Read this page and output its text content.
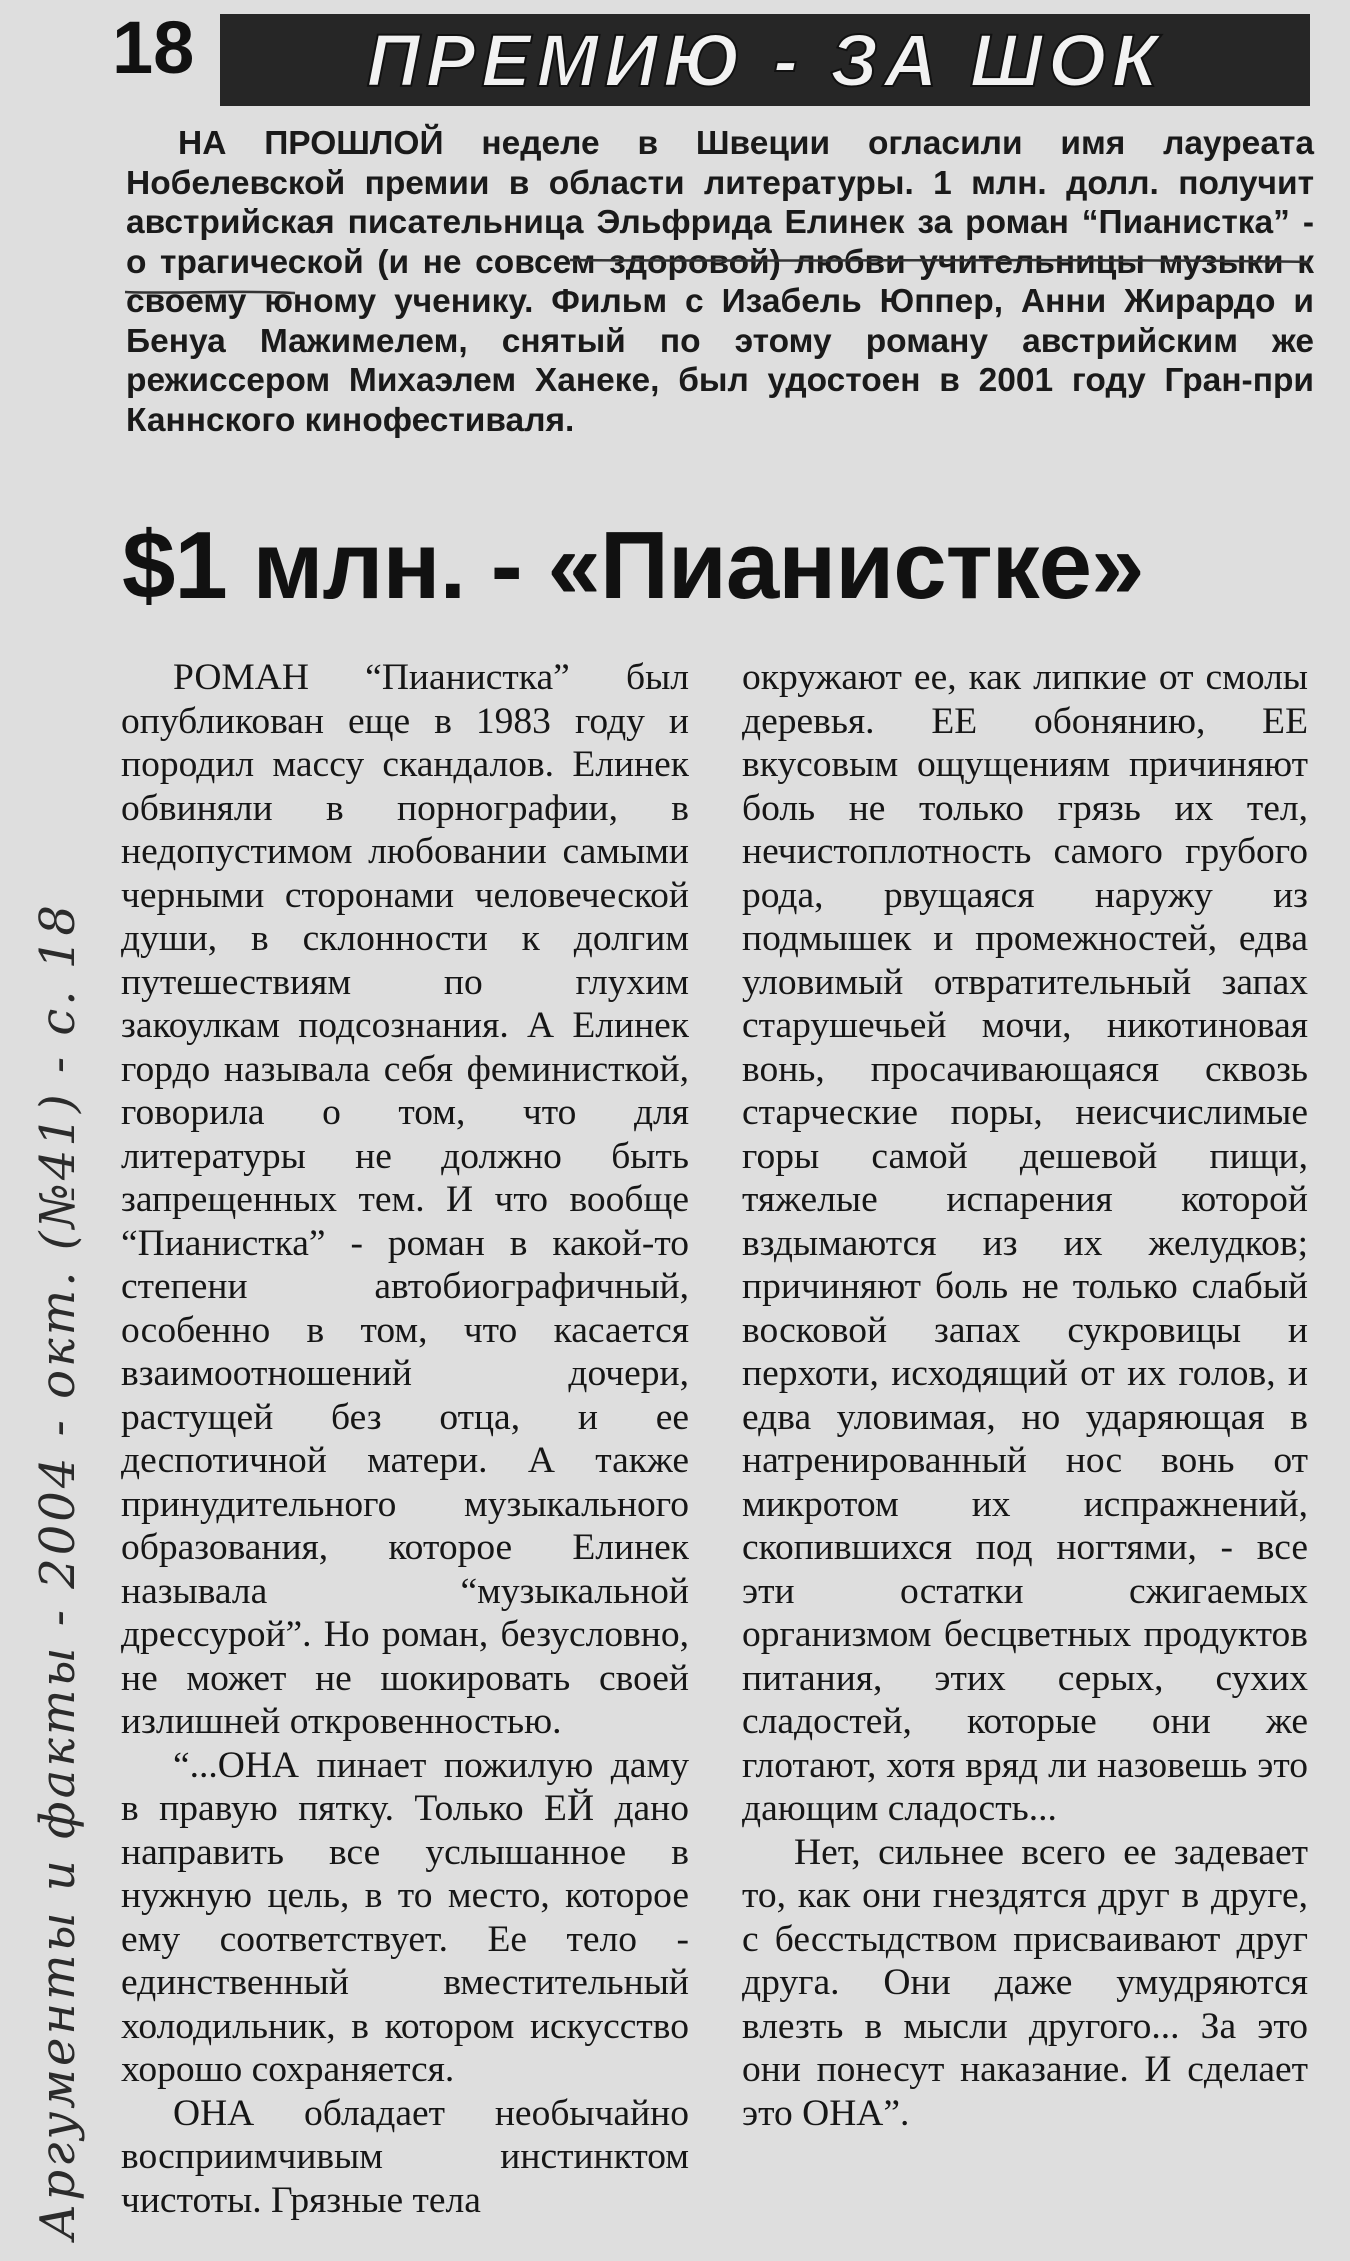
18 ПРЕМИЮ - ЗА ШОК

НА ПРОШЛОЙ неделе в Швеции огласили имя лауреата Нобелевской премии в области литературы. 1 млн. долл. получит австрийская писательница Эльфрида Елинек за роман “Пианистка” - о трагической (и не совсем здоровой) любви учительницы музыки к своему юному ученику. Фильм с Изабель Юппер, Анни Жирардо и Бенуа Мажимелем, снятый по этому роману австрийским же режиссером Михаэлем Ханеке, был удостоен в 2001 году Гран-при Каннского кинофестиваля.

$1 млн. - «Пианистке»

РОМАН “Пианистка” был опубликован еще в 1983 году и породил массу скандалов. Елинек обвиняли в порнографии, в недопустимом любовании самыми черными сторонами человеческой души, в склонности к долгим путешествиям по глухим закоулкам подсознания. А Елинек гордо называла себя феминисткой, говорила о том, что для литературы не должно быть запрещенных тем. И что вообще “Пианистка” - роман в какой-то степени автобиографичный, особенно в том, что касается взаимоотношений дочери, растущей без отца, и ее деспотичной матери. А также принудительного музыкального образования, которое Елинек называла “музыкальной дрессурой”. Но роман, безусловно, не может не шокировать своей излишней откровенностью.

“...ОНА пинает пожилую даму в правую пятку. Только ЕЙ дано направить все услышанное в нужную цель, в то место, которое ему соответствует. Ее тело - единственный вместительный холодильник, в котором искусство хорошо сохраняется.

ОНА обладает необычайно восприимчивым инстинктом чистоты. Грязные тела

окружают ее, как липкие от смолы деревья. ЕЕ обонянию, ЕЕ вкусовым ощущениям причиняют боль не только грязь их тел, нечистоплотность самого грубого рода, рвущаяся наружу из подмышек и промежностей, едва уловимый отвратительный запах старушечьей мочи, никотиновая вонь, просачивающаяся сквозь старческие поры, неисчислимые горы самой дешевой пищи, тяжелые испарения которой вздымаются из их желудков; причиняют боль не только слабый восковой запах сукровицы и перхоти, исходящий от их голов, и едва уловимая, но ударяющая в натренированный нос вонь от микротом их испражнений, скопившихся под ногтями, - все эти остатки сжигаемых организмом бесцветных продуктов питания, этих серых, сухих сладостей, которые они же глотают, хотя вряд ли назовешь это дающим сладость...

Нет, сильнее всего ее задевает то, как они гнездятся друг в друге, с бесстыдством присваивают друг друга. Они даже умудряются влезть в мысли другого... За это они понесут наказание. И сделает это ОНА”.

Аргументы и факты - 2004 - окт. (№41) - с. 18
